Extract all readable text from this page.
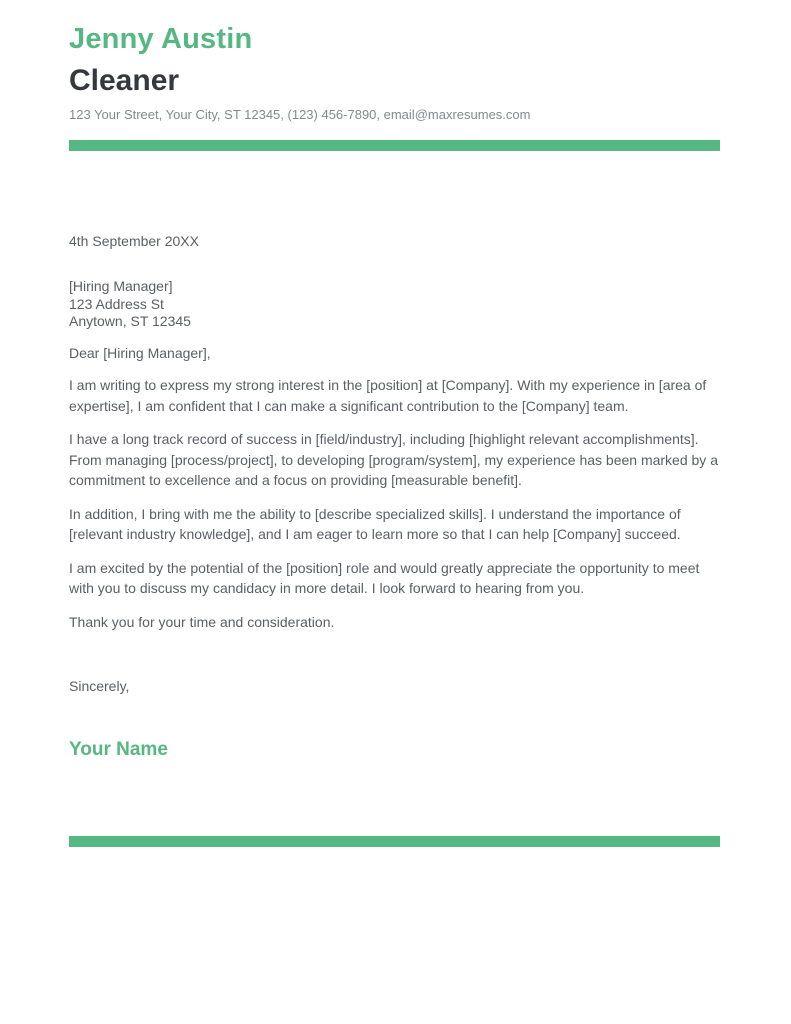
Jenny Austin
Cleaner

123 Your Street, Your City, ST 12345, (123) 456-7890, email@maxresumes.com

4th September 20XX

[Hiring Manager]

123 Address St

Anytown, ST 12345

Dear [Hiring Manager],

I am writing to express my strong interest in the [position] at [Company]. With my experience in [area of expertise], I am confident that I can make a significant contribution to the [Company] team.

I have a long track record of success in [field/industry], including [highlight relevant accomplishments]. From managing [process/project], to developing [program/system], my experience has been marked by a commitment to excellence and a focus on providing [measurable benefit].

In addition, I bring with me the ability to [describe specialized skills]. I understand the importance of [relevant industry knowledge], and I am eager to learn more so that I can help [Company] succeed.

I am excited by the potential of the [position] role and would greatly appreciate the opportunity to meet with you to discuss my candidacy in more detail. I look forward to hearing from you.

Thank you for your time and consideration.

Sincerely,

Your Name
